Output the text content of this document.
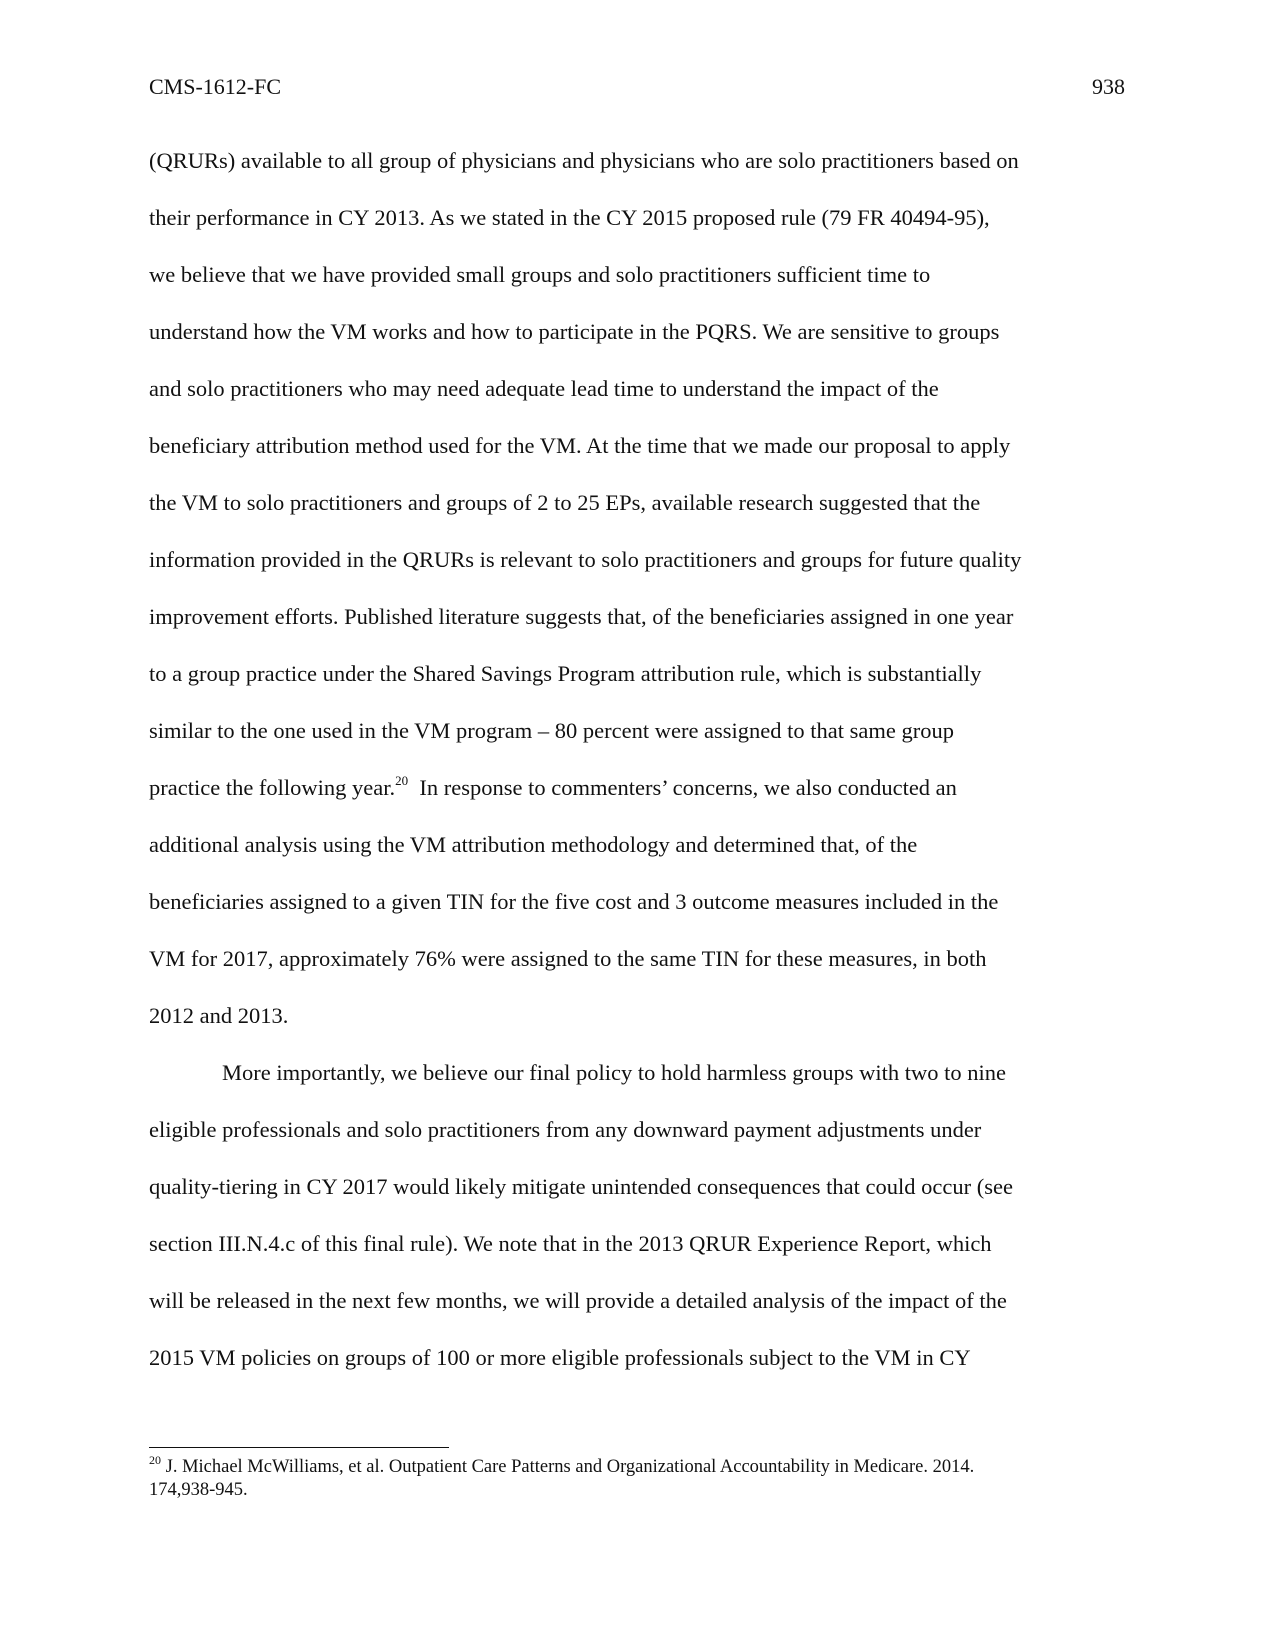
CMS-1612-FC	938
(QRURs) available to all group of physicians and physicians who are solo practitioners based on
their performance in CY 2013. As we stated in the CY 2015 proposed rule (79 FR 40494-95),
we believe that we have provided small groups and solo practitioners sufficient time to
understand how the VM works and how to participate in the PQRS. We are sensitive to groups
and solo practitioners who may need adequate lead time to understand the impact of the
beneficiary attribution method used for the VM. At the time that we made our proposal to apply
the VM to solo practitioners and groups of 2 to 25 EPs, available research suggested that the
information provided in the QRURs is relevant to solo practitioners and groups for future quality
improvement efforts. Published literature suggests that, of the beneficiaries assigned in one year
to a group practice under the Shared Savings Program attribution rule, which is substantially
similar to the one used in the VM program – 80 percent were assigned to that same group
practice the following year.$^{20}$  In response to commenters’ concerns, we also conducted an
additional analysis using the VM attribution methodology and determined that, of the
beneficiaries assigned to a given TIN for the five cost and 3 outcome measures included in the
VM for 2017, approximately 76% were assigned to the same TIN for these measures, in both
2012 and 2013.
More importantly, we believe our final policy to hold harmless groups with two to nine
eligible professionals and solo practitioners from any downward payment adjustments under
quality-tiering in CY 2017 would likely mitigate unintended consequences that could occur (see
section III.N.4.c of this final rule). We note that in the 2013 QRUR Experience Report, which
will be released in the next few months, we will provide a detailed analysis of the impact of the
2015 VM policies on groups of 100 or more eligible professionals subject to the VM in CY
$^{20}$ J. Michael McWilliams, et al. Outpatient Care Patterns and Organizational Accountability in Medicare. 2014.
174,938-945.
